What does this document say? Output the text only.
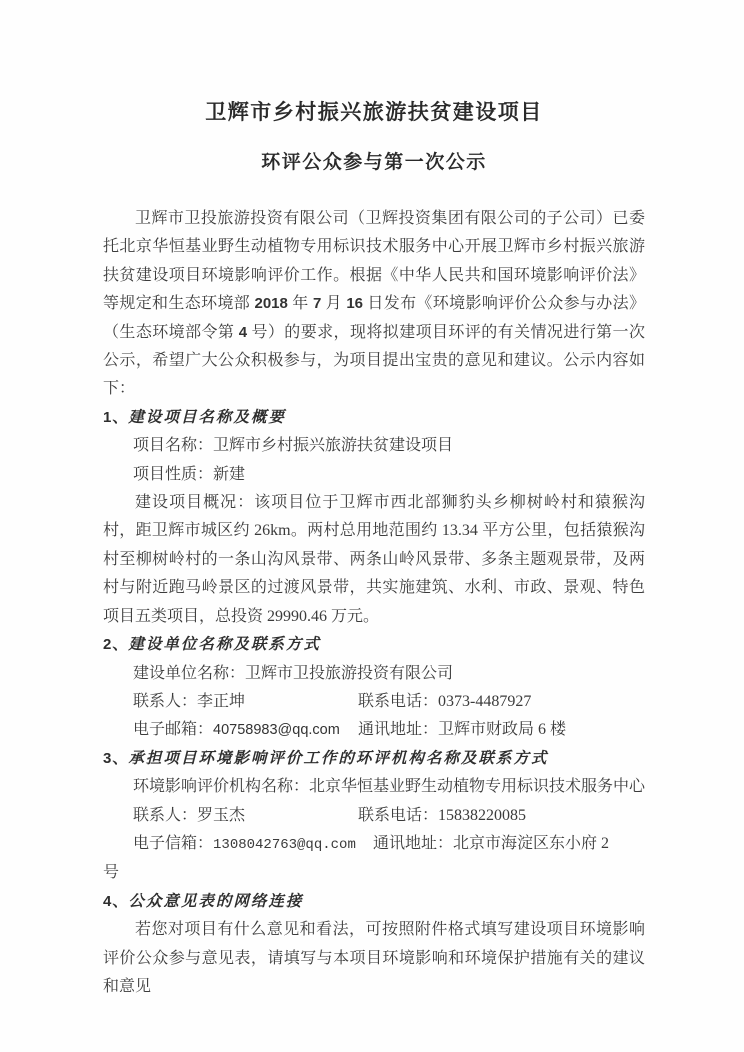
卫辉市乡村振兴旅游扶贫建设项目
环评公众参与第一次公示

卫辉市卫投旅游投资有限公司（卫辉投资集团有限公司的子公司）已委托北京华恒基业野生动植物专用标识技术服务中心开展卫辉市乡村振兴旅游扶贫建设项目环境影响评价工作。根据《中华人民共和国环境影响评价法》等规定和生态环境部 2018 年 7 月 16 日发布《环境影响评价公众参与办法》（生态环境部令第 4 号）的要求，现将拟建项目环评的有关情况进行第一次公示，希望广大公众积极参与，为项目提出宝贵的意见和建议。公示内容如下：

1、建设项目名称及概要

项目名称：卫辉市乡村振兴旅游扶贫建设项目

项目性质：新建

建设项目概况：该项目位于卫辉市西北部狮豹头乡柳树岭村和猿猴沟村，距卫辉市城区约 26km。两村总用地范围约 13.34 平方公里，包括猿猴沟村至柳树岭村的一条山沟风景带、两条山岭风景带、多条主题观景带，及两村与附近跑马岭景区的过渡风景带，共实施建筑、水利、市政、景观、特色项目五类项目，总投资 29990.46 万元。

2、建设单位名称及联系方式

建设单位名称：卫辉市卫投旅游投资有限公司

联系人：李正坤	联系电话：0373-4487927
电子邮箱：40758983@qq.com	通讯地址：卫辉市财政局 6 楼

3、承担项目环境影响评价工作的环评机构名称及联系方式

环境影响评价机构名称：北京华恒基业野生动植物专用标识技术服务中心

联系人：罗玉杰	联系电话：15838220085
电子信箱：1308042763@qq.com	通讯地址：北京市海淀区东小府 2

号

4、公众意见表的网络连接

若您对项目有什么意见和看法，可按照附件格式填写建设项目环境影响评价公众参与意见表，请填写与本项目环境影响和环境保护措施有关的建议和意见
